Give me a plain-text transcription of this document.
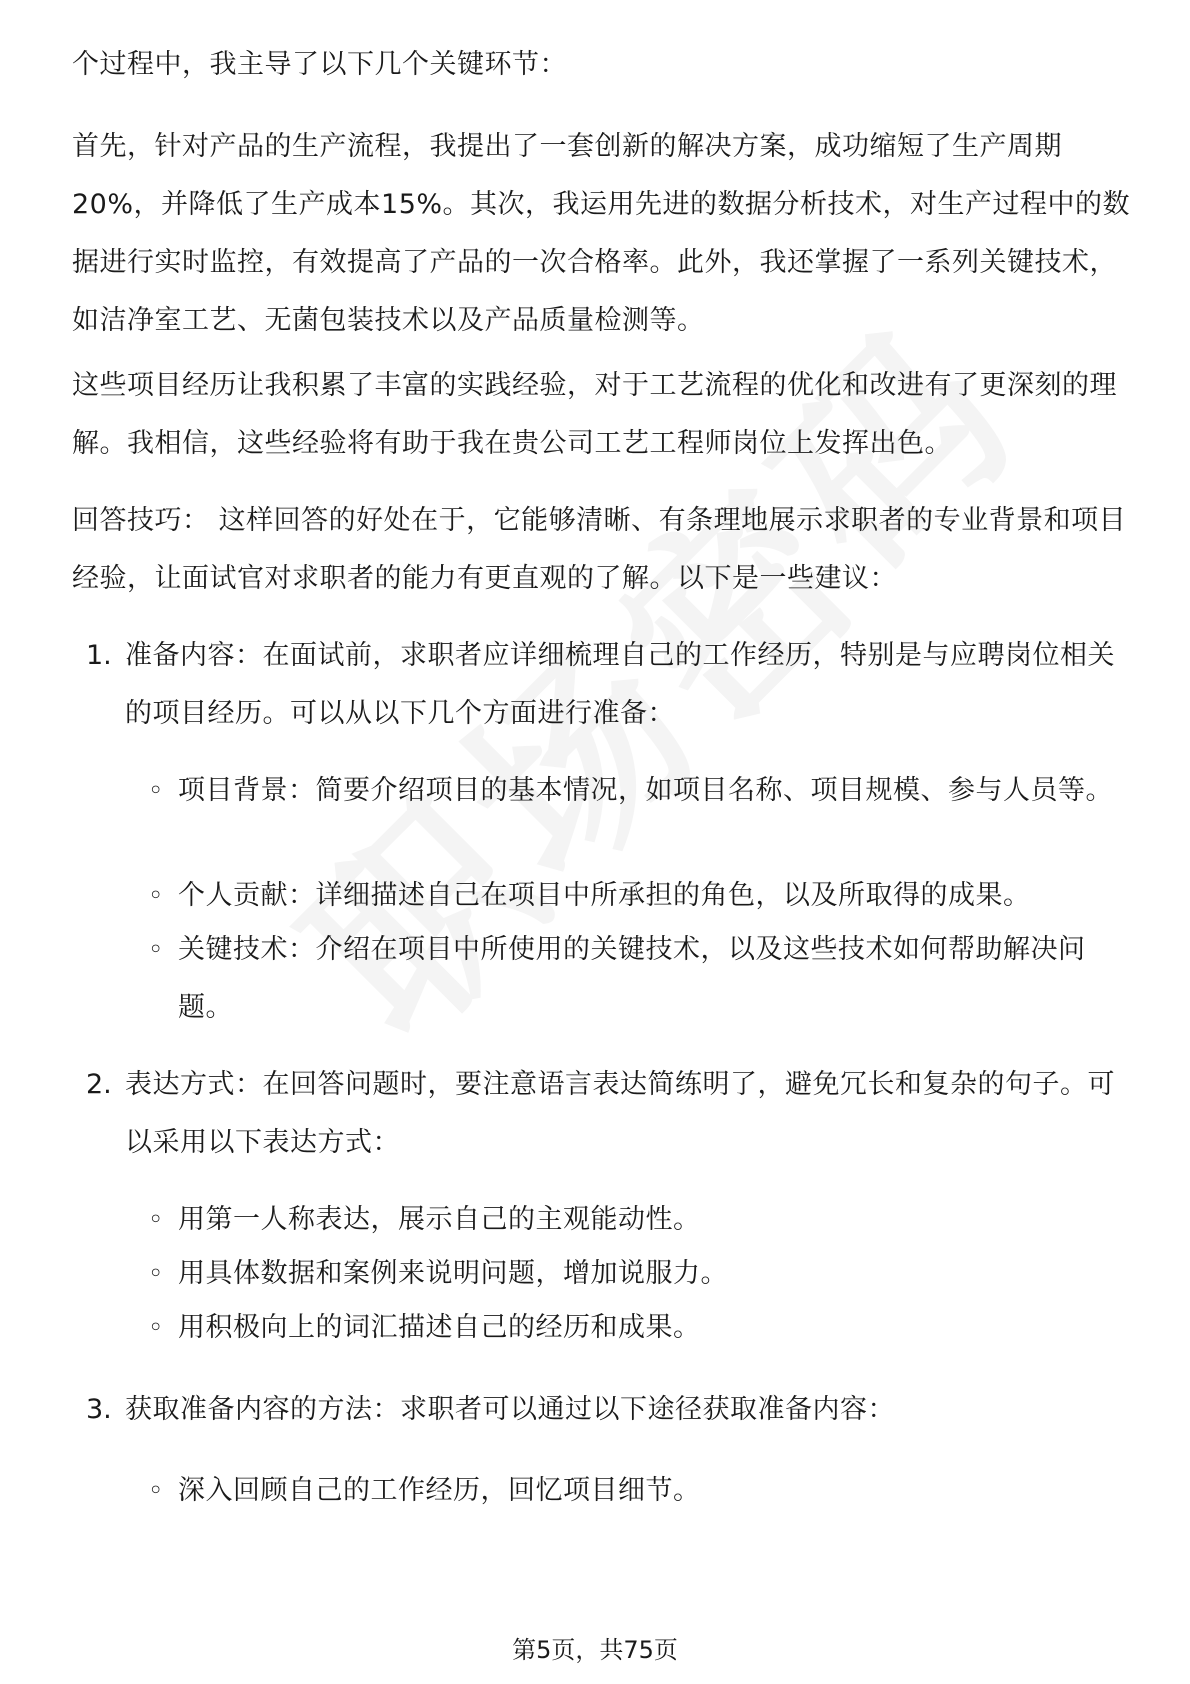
个过程中，我主导了以下几个关键环节：

首先，针对产品的生产流程，我提出了一套创新的解决方案，成功缩短了生产周期20%，并降低了生产成本15%。其次，我运用先进的数据分析技术，对生产过程中的数据进行实时监控，有效提高了产品的一次合格率。此外，我还掌握了一系列关键技术，如洁净室工艺、无菌包装技术以及产品质量检测等。

这些项目经历让我积累了丰富的实践经验，对于工艺流程的优化和改进有了更深刻的理解。我相信，这些经验将有助于我在贵公司工艺工程师岗位上发挥出色。

回答技巧： 这样回答的好处在于，它能够清晰、有条理地展示求职者的专业背景和项目经验，让面试官对求职者的能力有更直观的了解。以下是一些建议：

1. 准备内容：在面试前，求职者应详细梳理自己的工作经历，特别是与应聘岗位相关的项目经历。可以从以下几个方面进行准备：

◦ 项目背景：简要介绍项目的基本情况，如项目名称、项目规模、参与人员等。

◦ 个人贡献：详细描述自己在项目中所承担的角色，以及所取得的成果。

◦ 关键技术：介绍在项目中所使用的关键技术，以及这些技术如何帮助解决问题。

2. 表达方式：在回答问题时，要注意语言表达简练明了，避免冗长和复杂的句子。可以采用以下表达方式：

◦ 用第一人称表达，展示自己的主观能动性。

◦ 用具体数据和案例来说明问题，增加说服力。

◦ 用积极向上的词汇描述自己的经历和成果。

3. 获取准备内容的方法：求职者可以通过以下途径获取准备内容：

◦ 深入回顾自己的工作经历，回忆项目细节。

第5页，共75页
